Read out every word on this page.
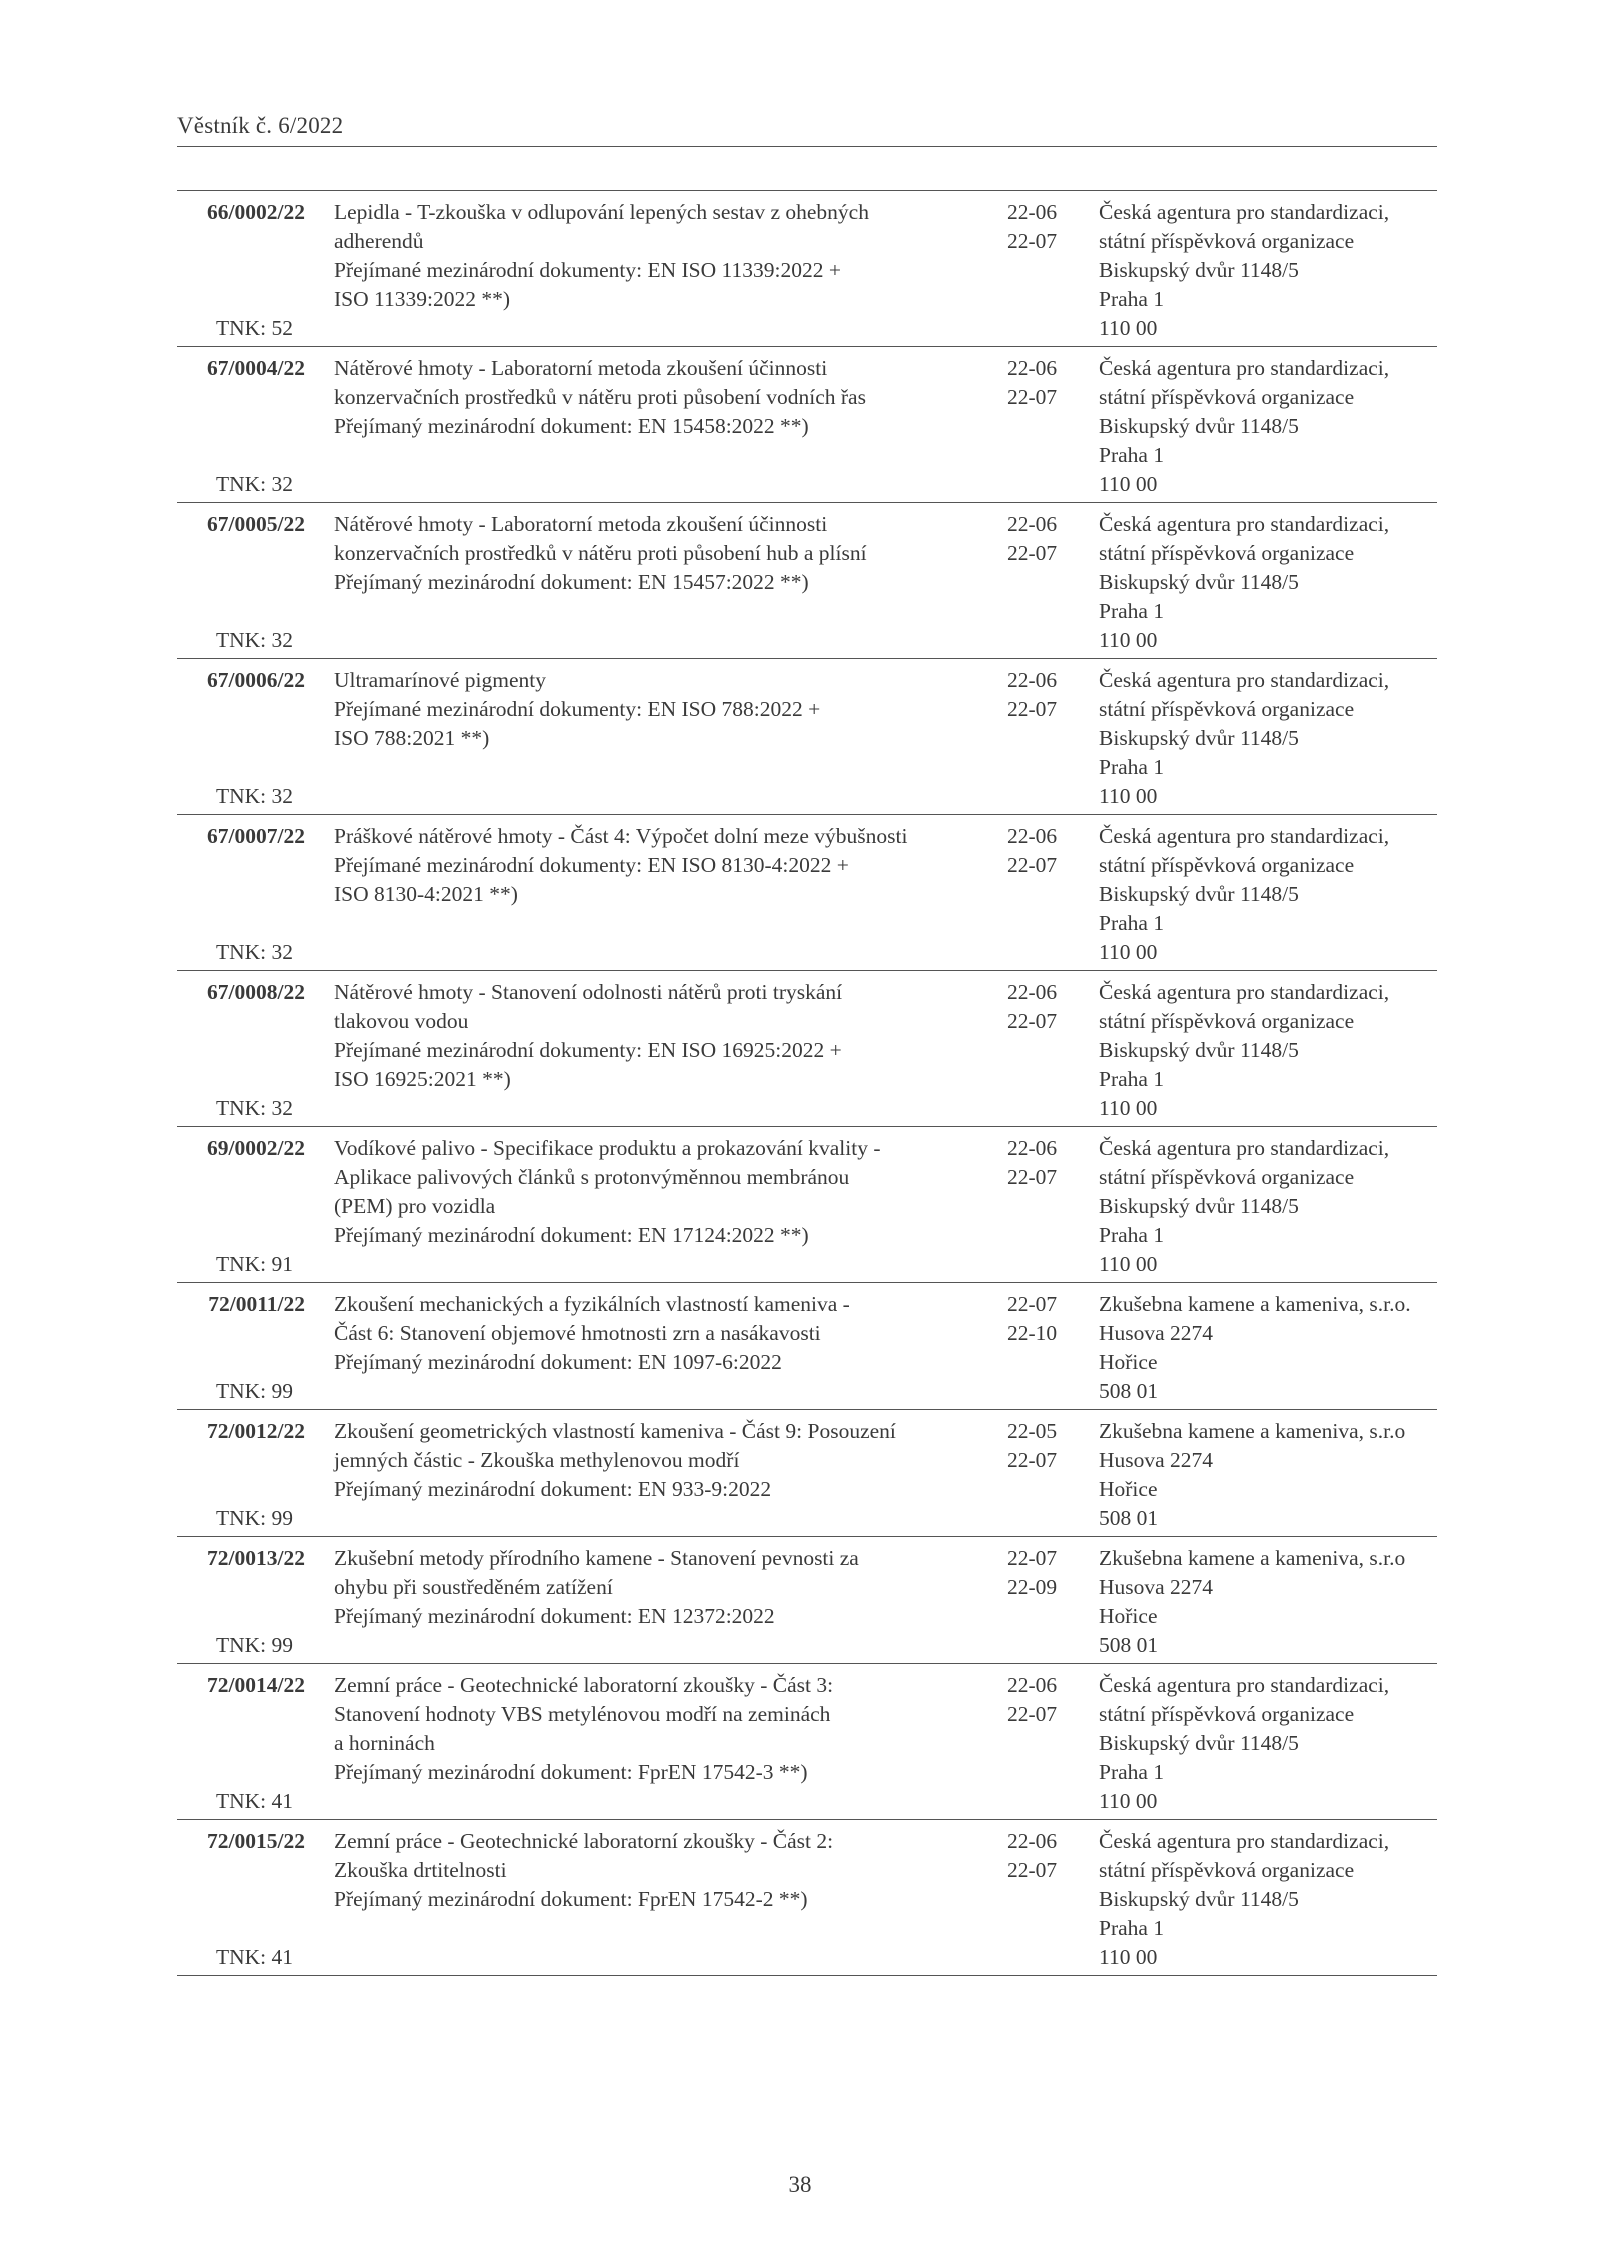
Věstník č. 6/2022
66/0002/22
TNK: 52
Lepidla - T-zkouška v odlupování lepených sestav z ohebných
adherendů
Přejímané mezinárodní dokumenty: EN ISO 11339:2022 +
ISO 11339:2022 **)
22-06
22-07
Česká agentura pro standardizaci,
státní příspěvková organizace
Biskupský dvůr 1148/5
Praha 1
110 00
67/0004/22
TNK: 32
Nátěrové hmoty - Laboratorní metoda zkoušení účinnosti
konzervačních prostředků v nátěru proti působení vodních řas
Přejímaný mezinárodní dokument: EN 15458:2022 **)
22-06
22-07
Česká agentura pro standardizaci,
státní příspěvková organizace
Biskupský dvůr 1148/5
Praha 1
110 00
67/0005/22
TNK: 32
Nátěrové hmoty - Laboratorní metoda zkoušení účinnosti
konzervačních prostředků v nátěru proti působení hub a plísní
Přejímaný mezinárodní dokument: EN 15457:2022 **)
22-06
22-07
Česká agentura pro standardizaci,
státní příspěvková organizace
Biskupský dvůr 1148/5
Praha 1
110 00
67/0006/22
TNK: 32
Ultramarínové pigmenty
Přejímané mezinárodní dokumenty: EN ISO 788:2022 +
ISO 788:2021 **)
22-06
22-07
Česká agentura pro standardizaci,
státní příspěvková organizace
Biskupský dvůr 1148/5
Praha 1
110 00
67/0007/22
TNK: 32
Práškové nátěrové hmoty - Část 4: Výpočet dolní meze výbušnosti
Přejímané mezinárodní dokumenty: EN ISO 8130-4:2022 +
ISO 8130-4:2021 **)
22-06
22-07
Česká agentura pro standardizaci,
státní příspěvková organizace
Biskupský dvůr 1148/5
Praha 1
110 00
67/0008/22
TNK: 32
Nátěrové hmoty - Stanovení odolnosti nátěrů proti tryskání
tlakovou vodou
Přejímané mezinárodní dokumenty: EN ISO 16925:2022 +
ISO 16925:2021 **)
22-06
22-07
Česká agentura pro standardizaci,
státní příspěvková organizace
Biskupský dvůr 1148/5
Praha 1
110 00
69/0002/22
TNK: 91
Vodíkové palivo - Specifikace produktu a prokazování kvality -
Aplikace palivových článků s protonvýměnnou membránou
(PEM) pro vozidla
Přejímaný mezinárodní dokument: EN 17124:2022 **)
22-06
22-07
Česká agentura pro standardizaci,
státní příspěvková organizace
Biskupský dvůr 1148/5
Praha 1
110 00
72/0011/22
TNK: 99
Zkoušení mechanických a fyzikálních vlastností kameniva -
Část 6: Stanovení objemové hmotnosti zrn a nasákavosti
Přejímaný mezinárodní dokument: EN 1097-6:2022
22-07
22-10
Zkušebna kamene a kameniva, s.r.o.
Husova 2274
Hořice
508 01
72/0012/22
TNK: 99
Zkoušení geometrických vlastností kameniva - Část 9: Posouzení
jemných částic - Zkouška methylenovou modří
Přejímaný mezinárodní dokument: EN 933-9:2022
22-05
22-07
Zkušebna kamene a kameniva, s.r.o
Husova 2274
Hořice
508 01
72/0013/22
TNK: 99
Zkušební metody přírodního kamene - Stanovení pevnosti za
ohybu při soustředěném zatížení
Přejímaný mezinárodní dokument: EN 12372:2022
22-07
22-09
Zkušebna kamene a kameniva, s.r.o
Husova 2274
Hořice
508 01
72/0014/22
TNK: 41
Zemní práce - Geotechnické laboratorní zkoušky - Část 3:
Stanovení hodnoty VBS metylénovou modří na zeminách
a horninách
Přejímaný mezinárodní dokument: FprEN 17542-3 **)
22-06
22-07
Česká agentura pro standardizaci,
státní příspěvková organizace
Biskupský dvůr 1148/5
Praha 1
110 00
72/0015/22
TNK: 41
Zemní práce - Geotechnické laboratorní zkoušky - Část 2:
Zkouška drtitelnosti
Přejímaný mezinárodní dokument: FprEN 17542-2 **)
22-06
22-07
Česká agentura pro standardizaci,
státní příspěvková organizace
Biskupský dvůr 1148/5
Praha 1
110 00
38
